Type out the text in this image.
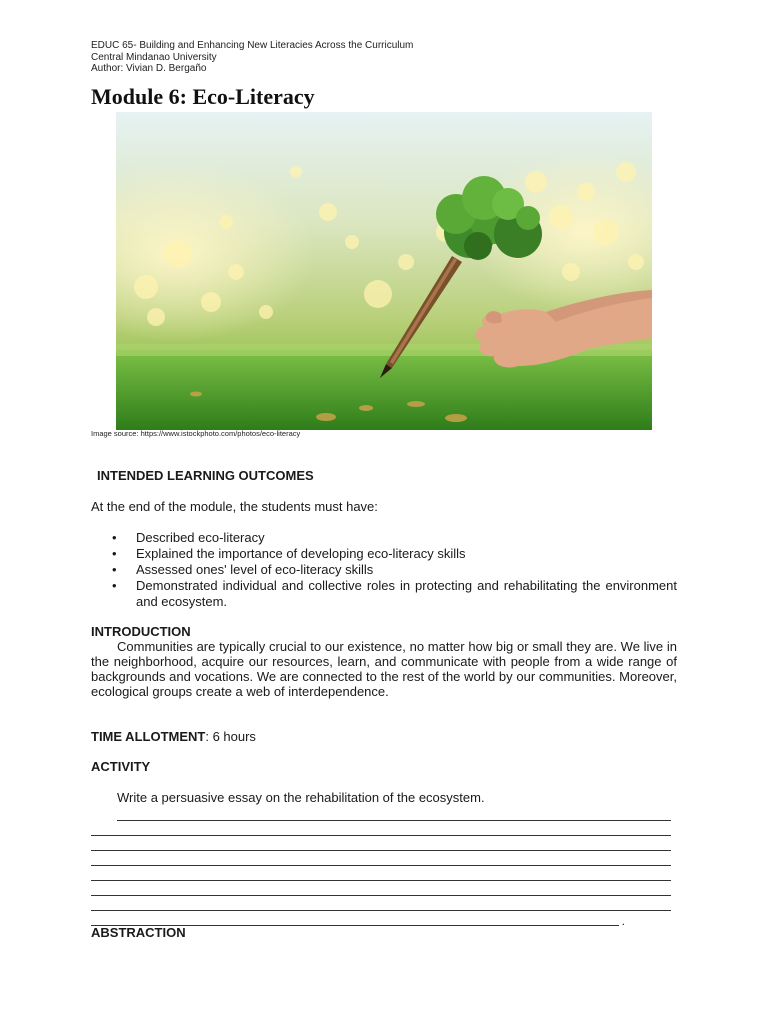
EDUC 65- Building and Enhancing New Literacies Across the Curriculum
Central Mindanao University
Author: Vivian D. Bergaño
Module 6: Eco-Literacy
Image source: https://www.istockphoto.com/photos/eco-literacy
INTENDED LEARNING OUTCOMES
At the end of the module, the students must have:
• Described eco-literacy
• Explained the importance of developing eco-literacy skills
• Assessed ones' level of eco-literacy skills
• Demonstrated individual and collective roles in protecting and rehabilitating the environment and ecosystem.
INTRODUCTION

Communities are typically crucial to our existence, no matter how big or small they are. We live in the neighborhood, acquire our resources, learn, and communicate with people from a wide range of backgrounds and vocations. We are connected to the rest of the world by our communities. Moreover, ecological groups create a web of interdependence.

TIME ALLOTMENT: 6 hours
ACTIVITY
Write a persuasive essay on the rehabilitation of the ecosystem.
.
ABSTRACTION
